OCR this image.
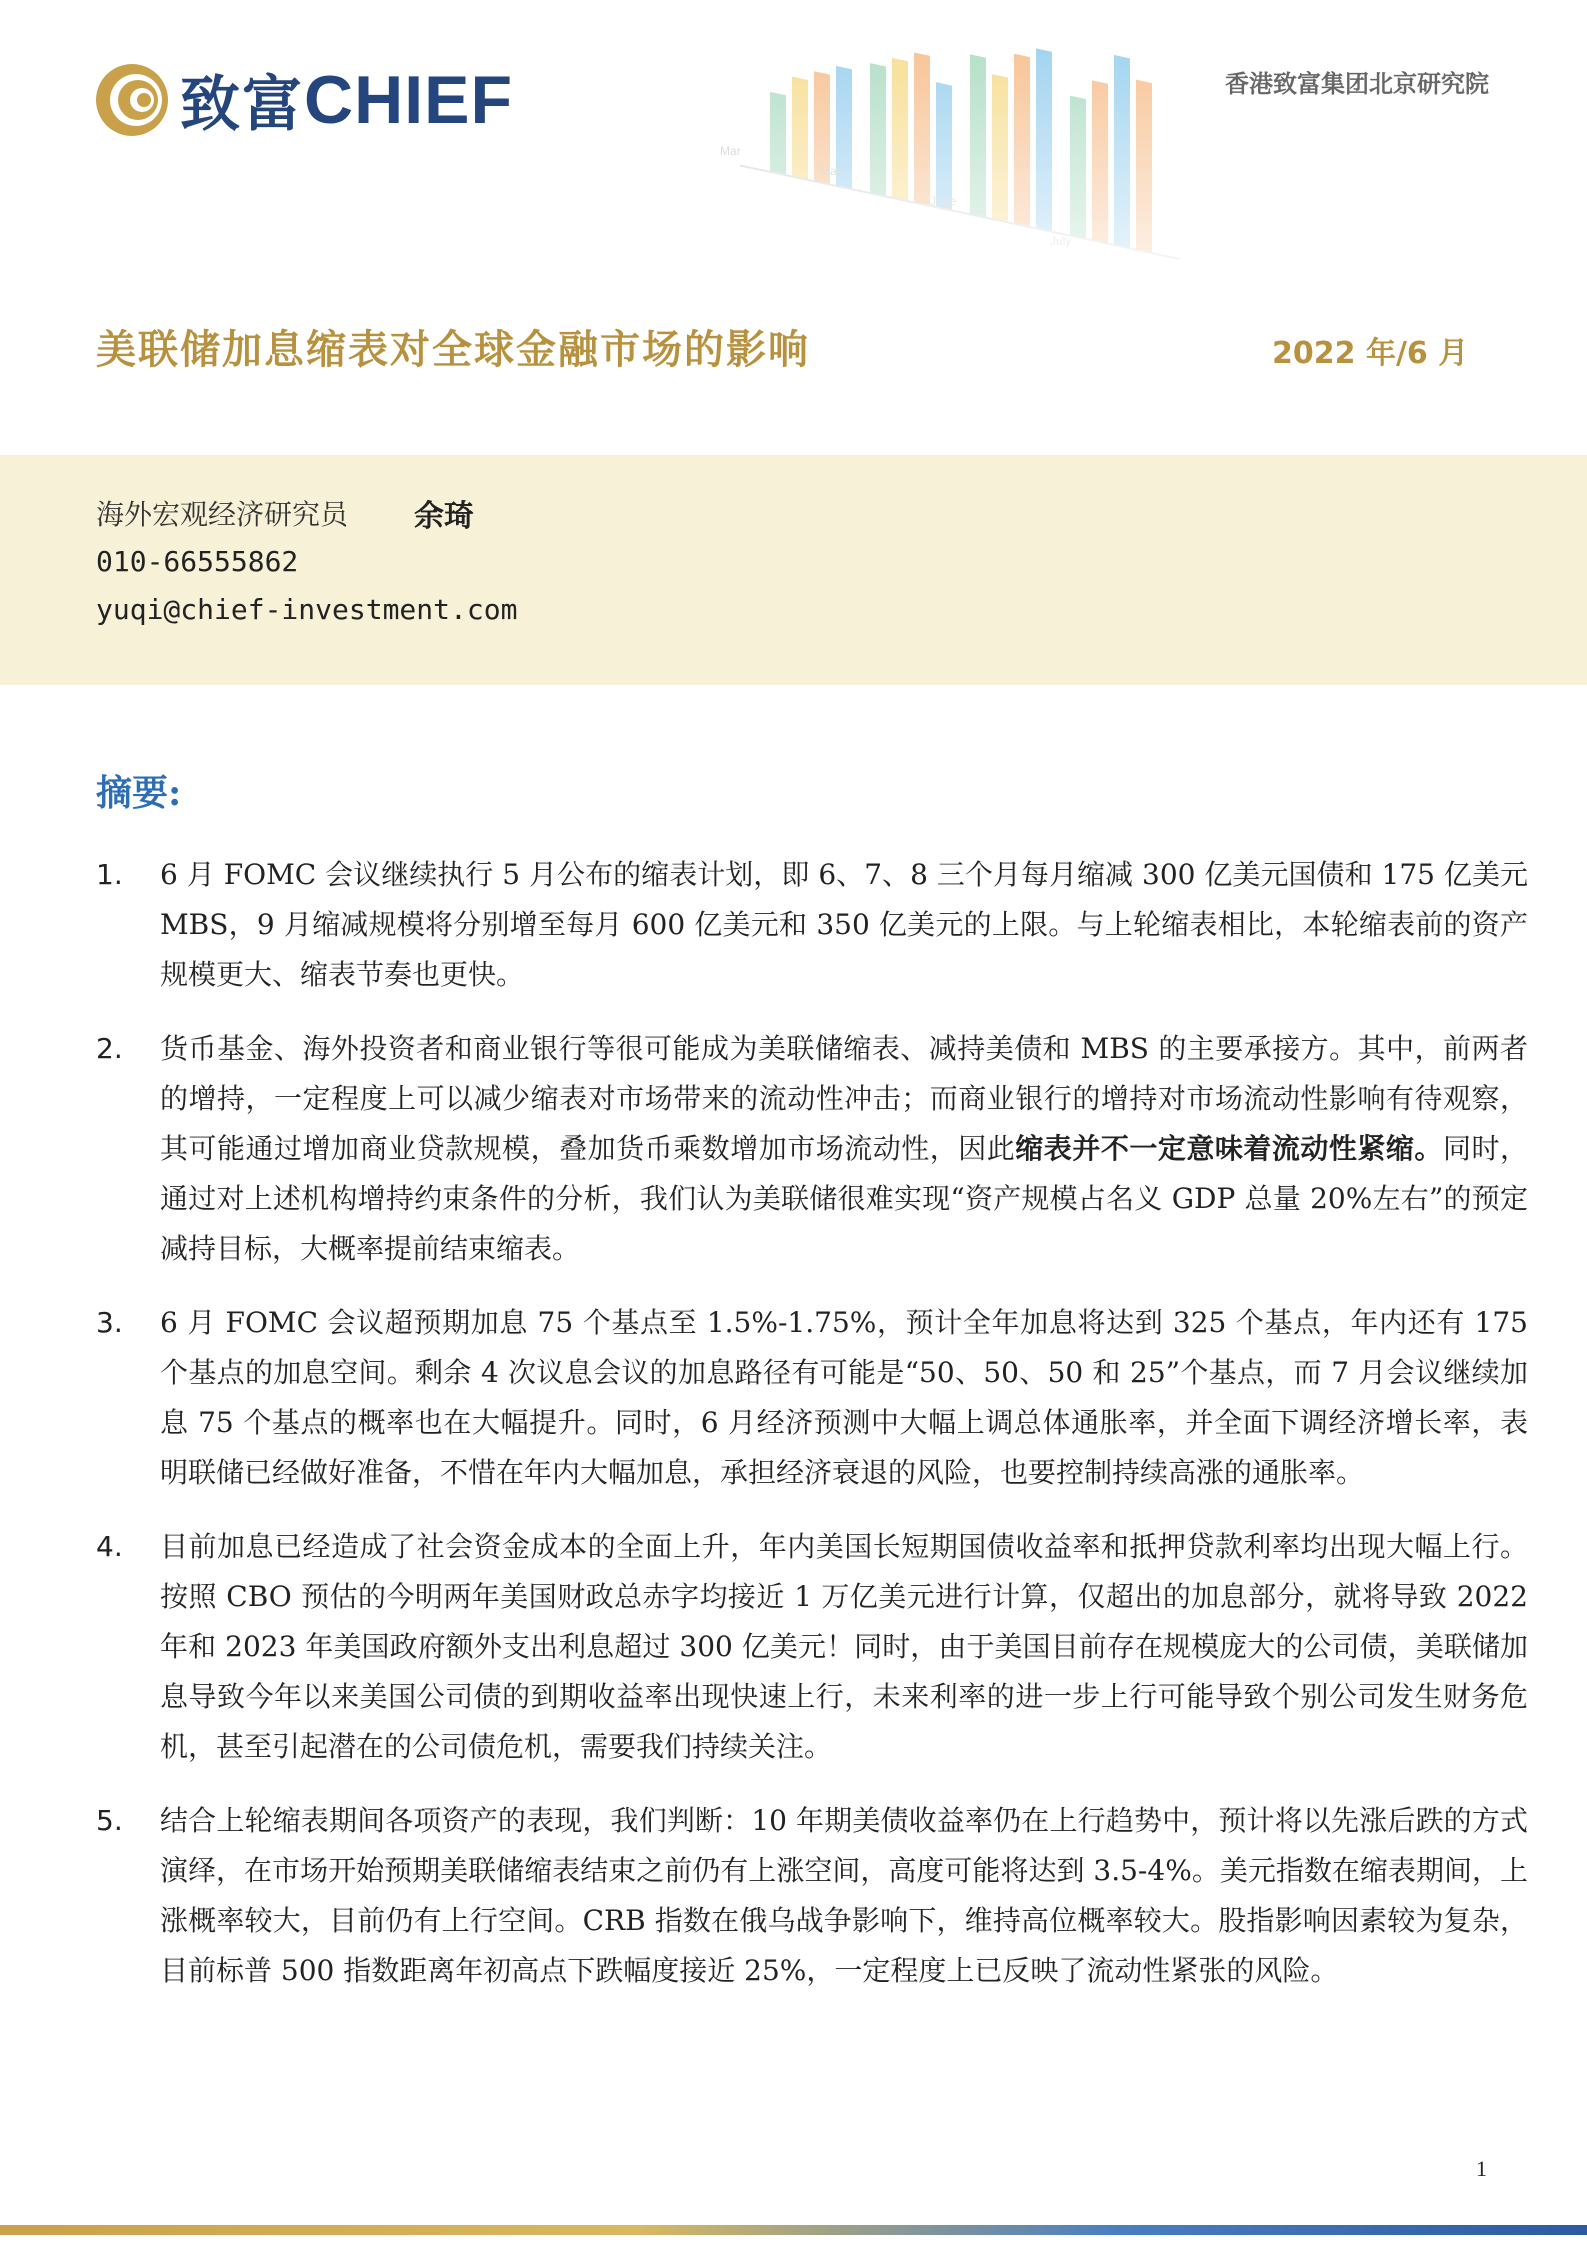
致富 CHIEF	香港致富集团北京研究院
美联储加息缩表对全球金融市场的影响	2022 年/6 月
海外宏观经济研究员 余琦
010-66555862
yuqi@chief-investment.com
摘要:
1.	6 月 FOMC 会议继续执行 5 月公布的缩表计划，即 6、7、8 三个月每月缩减 300 亿美元国债和 175 亿美元 MBS，9 月缩减规模将分别增至每月 600 亿美元和 350 亿美元的上限。与上轮缩表相比，本轮缩表前的资产规模更大、缩表节奏也更快。
2.	货币基金、海外投资者和商业银行等很可能成为美联储缩表、减持美债和 MBS 的主要承接方。其中，前两者的增持，一定程度上可以减少缩表对市场带来的流动性冲击；而商业银行的增持对市场流动性影响有待观察，其可能通过增加商业贷款规模，叠加货币乘数增加市场流动性，因此缩表并不一定意味着流动性紧缩。同时，通过对上述机构增持约束条件的分析，我们认为美联储很难实现“资产规模占名义 GDP 总量 20%左右”的预定减持目标，大概率提前结束缩表。
3.	6 月 FOMC 会议超预期加息 75 个基点至 1.5%-1.75%，预计全年加息将达到 325 个基点，年内还有 175 个基点的加息空间。剩余 4 次议息会议的加息路径有可能是“50、50、50 和 25”个基点，而 7 月会议继续加息 75 个基点的概率也在大幅提升。同时，6 月经济预测中大幅上调总体通胀率，并全面下调经济增长率，表明联储已经做好准备，不惜在年内大幅加息，承担经济衰退的风险，也要控制持续高涨的通胀率。
4.	目前加息已经造成了社会资金成本的全面上升，年内美国长短期国债收益率和抵押贷款利率均出现大幅上行。按照 CBO 预估的今明两年美国财政总赤字均接近 1 万亿美元进行计算，仅超出的加息部分，就将导致 2022 年和 2023 年美国政府额外支出利息超过 300 亿美元！同时，由于美国目前存在规模庞大的公司债，美联储加息导致今年以来美国公司债的到期收益率出现快速上行，未来利率的进一步上行可能导致个别公司发生财务危机，甚至引起潜在的公司债危机，需要我们持续关注。
5.	结合上轮缩表期间各项资产的表现，我们判断：10 年期美债收益率仍在上行趋势中，预计将以先涨后跌的方式演绎，在市场开始预期美联储缩表结束之前仍有上涨空间，高度可能将达到 3.5-4%。美元指数在缩表期间，上涨概率较大，目前仍有上行空间。CRB 指数在俄乌战争影响下，维持高位概率较大。股指影响因素较为复杂，目前标普 500 指数距离年初高点下跌幅度接近 25%，一定程度上已反映了流动性紧张的风险。
1
